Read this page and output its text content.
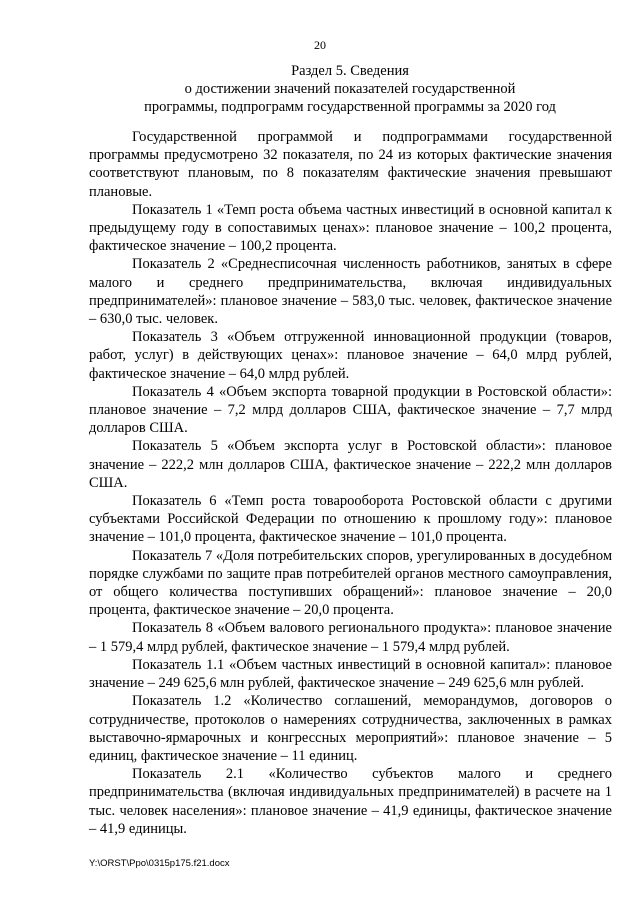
20
Раздел 5. Сведения
о достижении значений показателей государственной
программы, подпрограмм государственной программы за 2020 год

Государственной программой и подпрограммами государственной программы предусмотрено 32 показателя, по 24 из которых фактические значения соответствуют плановым, по 8 показателям фактические значения превышают плановые.

Показатель 1 «Темп роста объема частных инвестиций в основной капитал к предыдущему году в сопоставимых ценах»: плановое значение – 100,2 процента, фактическое значение – 100,2 процента.

Показатель 2 «Среднесписочная численность работников, занятых в сфере малого и среднего предпринимательства, включая индивидуальных предпринимателей»: плановое значение – 583,0 тыс. человек, фактическое значение – 630,0 тыс. человек.

Показатель 3 «Объем отгруженной инновационной продукции (товаров, работ, услуг) в действующих ценах»: плановое значение – 64,0 млрд рублей, фактическое значение – 64,0 млрд рублей.

Показатель 4 «Объем экспорта товарной продукции в Ростовской области»: плановое значение – 7,2 млрд долларов США, фактическое значение – 7,7 млрд долларов США.

Показатель 5 «Объем экспорта услуг в Ростовской области»: плановое значение – 222,2 млн долларов США, фактическое значение – 222,2 млн долларов США.

Показатель 6 «Темп роста товарооборота Ростовской области с другими субъектами Российской Федерации по отношению к прошлому году»: плановое значение – 101,0 процента, фактическое значение – 101,0 процента.

Показатель 7 «Доля потребительских споров, урегулированных в досудебном порядке службами по защите прав потребителей органов местного самоуправления, от общего количества поступивших обращений»: плановое значение – 20,0 процента, фактическое значение – 20,0 процента.

Показатель 8 «Объем валового регионального продукта»: плановое значение – 1 579,4 млрд рублей, фактическое значение – 1 579,4 млрд рублей.

Показатель 1.1 «Объем частных инвестиций в основной капитал»: плановое значение – 249 625,6 млн рублей, фактическое значение – 249 625,6 млн рублей.

Показатель 1.2 «Количество соглашений, меморандумов, договоров о сотрудничестве, протоколов о намерениях сотрудничества, заключенных в рамках выставочно-ярмарочных и конгрессных мероприятий»: плановое значение – 5 единиц, фактическое значение – 11 единиц.

Показатель 2.1 «Количество субъектов малого и среднего предпринимательства (включая индивидуальных предпринимателей) в расчете на 1 тыс. человек населения»: плановое значение – 41,9 единицы, фактическое значение – 41,9 единицы.

Y:\ORST\Ppo\0315p175.f21.docx
